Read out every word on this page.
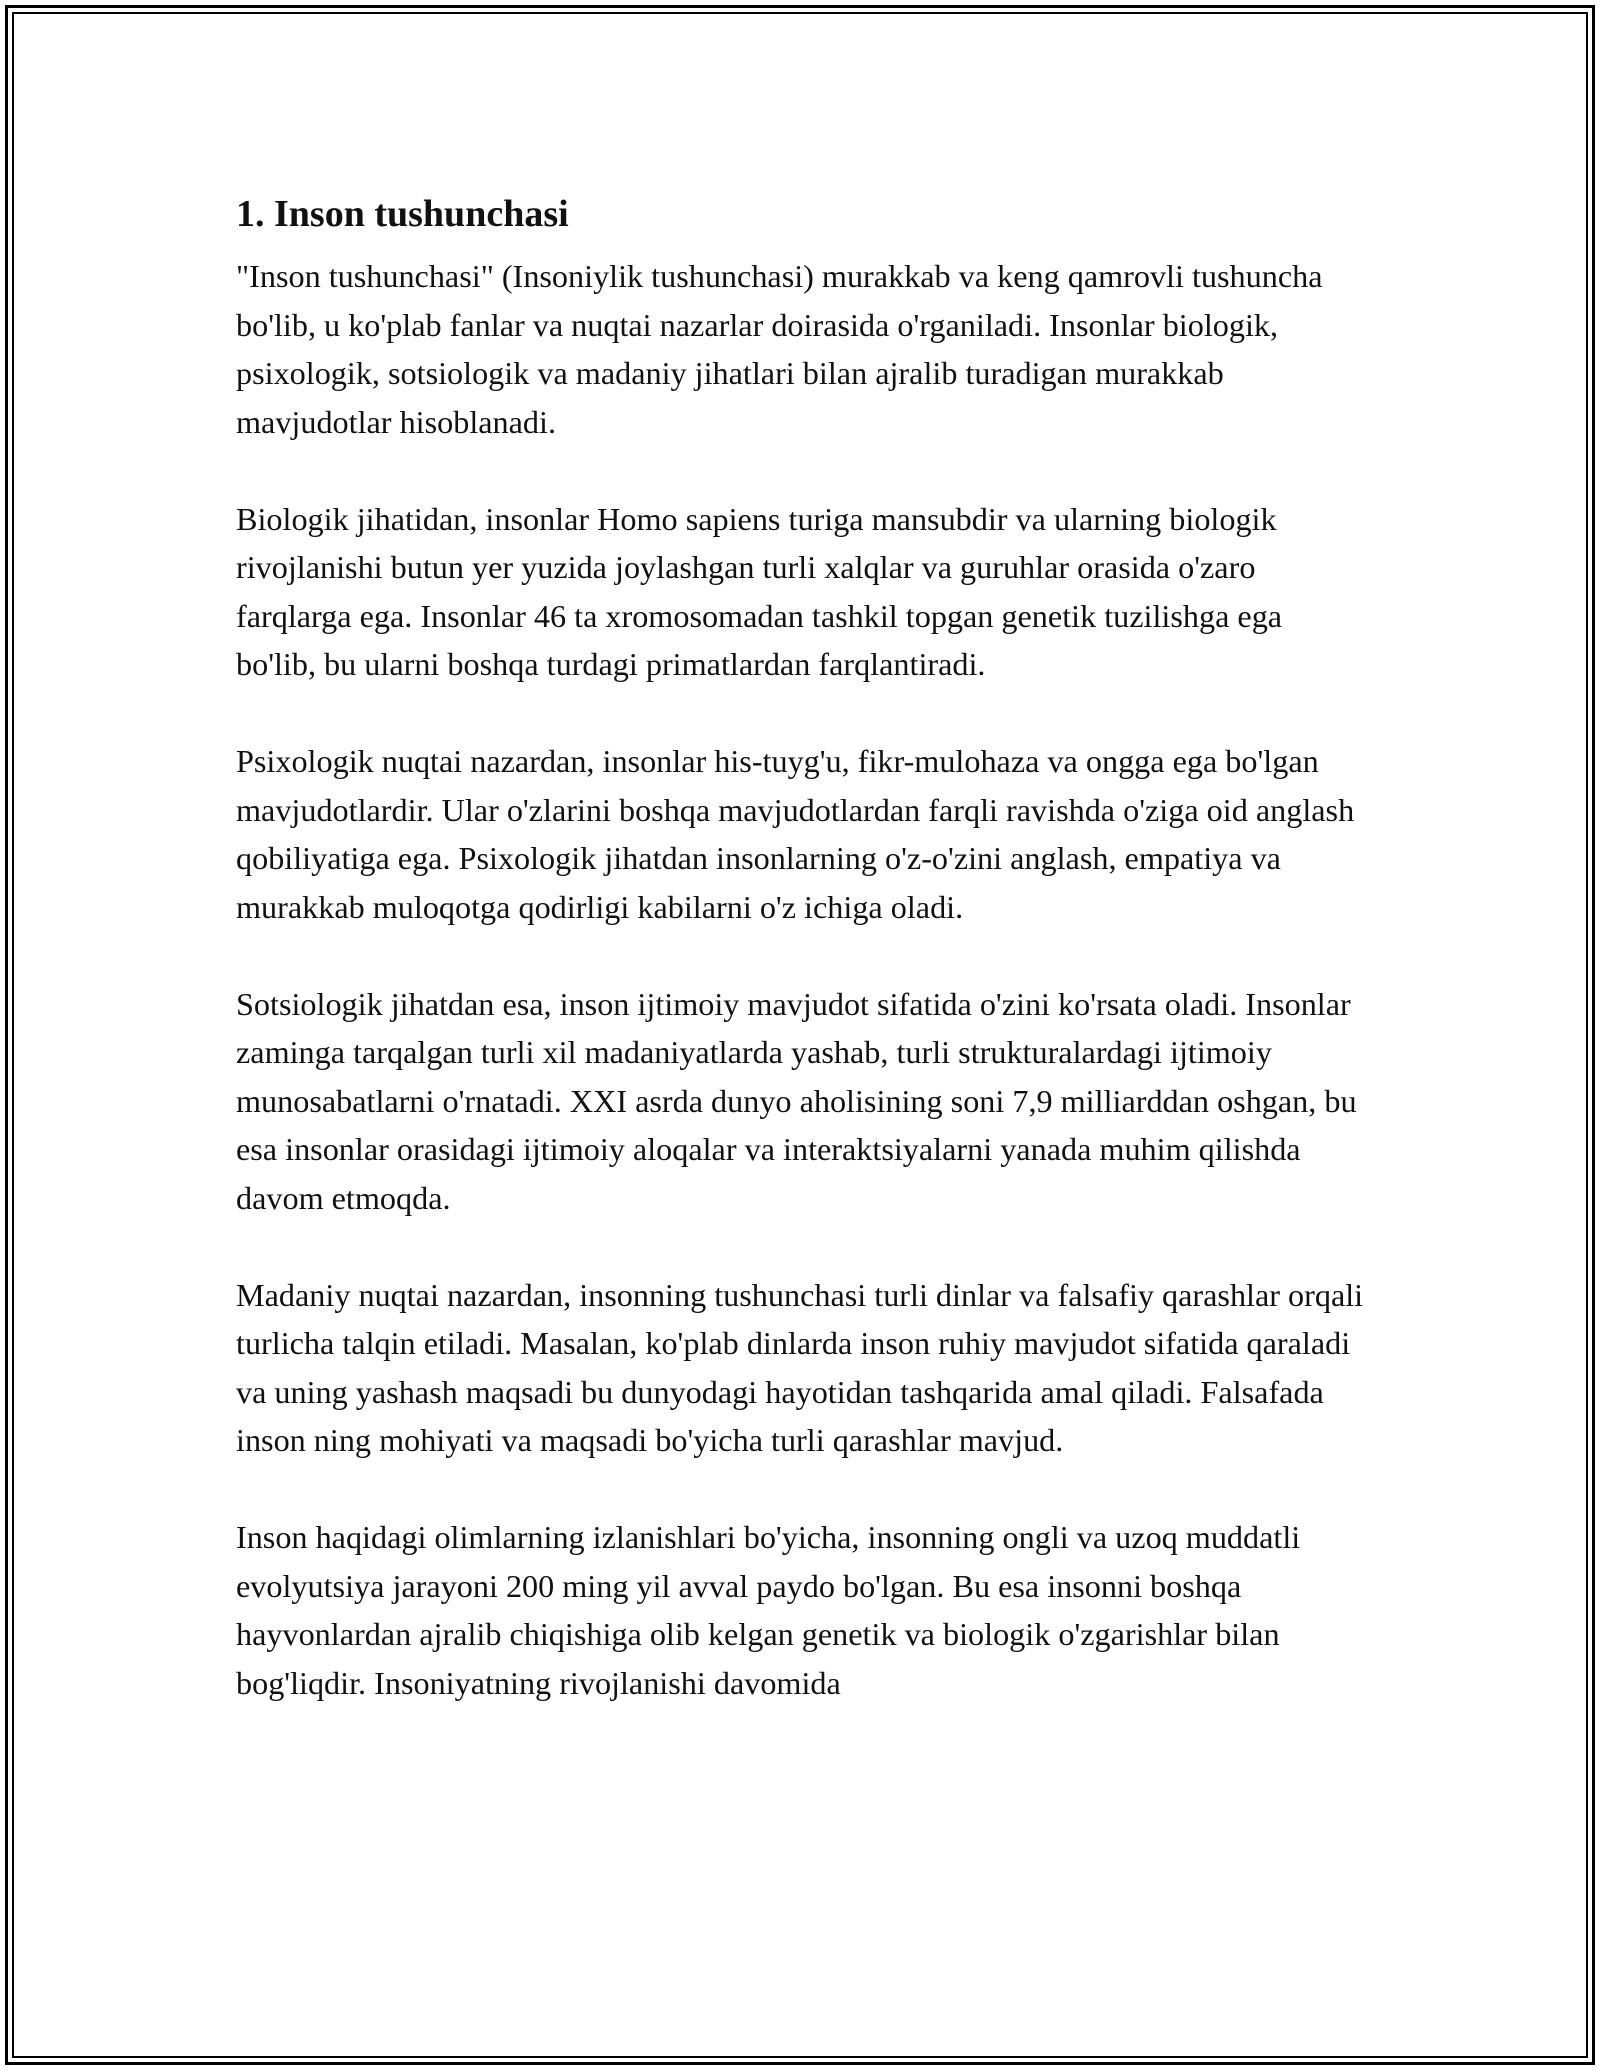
1. Inson tushunchasi

"Inson tushunchasi" (Insoniylik tushunchasi) murakkab va keng qamrovli tushuncha bo'lib, u ko'plab fanlar va nuqtai nazarlar doirasida o'rganiladi. Insonlar biologik, psixologik, sotsiologik va madaniy jihatlari bilan ajralib turadigan murakkab mavjudotlar hisoblanadi.

Biologik jihatidan, insonlar Homo sapiens turiga mansubdir va ularning biologik rivojlanishi butun yer yuzida joylashgan turli xalqlar va guruhlar orasida o'zaro farqlarga ega. Insonlar 46 ta xromosomadan tashkil topgan genetik tuzilishga ega bo'lib, bu ularni boshqa turdagi primatlardan farqlantiradi.

Psixologik nuqtai nazardan, insonlar his-tuyg'u, fikr-mulohaza va ongga ega bo'lgan mavjudotlardir. Ular o'zlarini boshqa mavjudotlardan farqli ravishda o'ziga oid anglash qobiliyatiga ega. Psixologik jihatdan insonlarning o'z-o'zini anglash, empatiya va murakkab muloqotga qodirligi kabilarni o'z ichiga oladi.

Sotsiologik jihatdan esa, inson ijtimoiy mavjudot sifatida o'zini ko'rsata oladi. Insonlar zaminga tarqalgan turli xil madaniyatlarda yashab, turli strukturalardagi ijtimoiy munosabatlarni o'rnatadi. XXI asrda dunyo aholisining soni 7,9 milliarddan oshgan, bu esa insonlar orasidagi ijtimoiy aloqalar va interaktsiyalarni yanada muhim qilishda davom etmoqda.

Madaniy nuqtai nazardan, insonning tushunchasi turli dinlar va falsafiy qarashlar orqali turlicha talqin etiladi. Masalan, ko'plab dinlarda inson ruhiy mavjudot sifatida qaraladi va uning yashash maqsadi bu dunyodagi hayotidan tashqarida amal qiladi. Falsafada inson ning mohiyati va maqsadi bo'yicha turli qarashlar mavjud.

Inson haqidagi olimlarning izlanishlari bo'yicha, insonning ongli va uzoq muddatli evolyutsiya jarayoni 200 ming yil avval paydo bo'lgan. Bu esa insonni boshqa hayvonlardan ajralib chiqishiga olib kelgan genetik va biologik o'zgarishlar bilan bog'liqdir. Insoniyatning rivojlanishi davomida
